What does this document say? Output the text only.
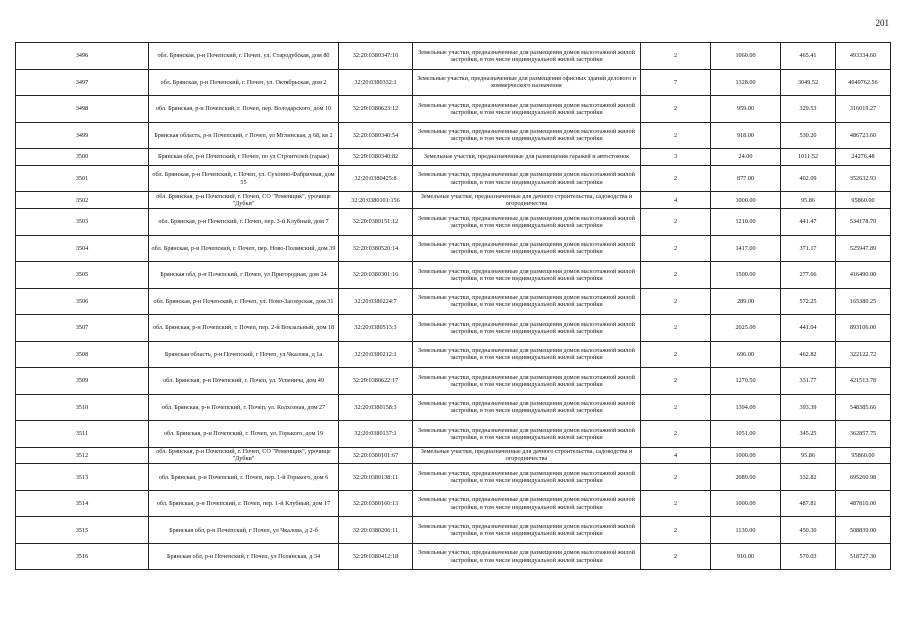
201
3496	обл. Брянская, р-н Почепский, г. Почеп, ул. Стародубская, дом 80	32:20:0380347:10	Земельные участки, предназначенные для размещения домов малоэтажной жилой застройки, в том числе индивидуальной жилой застройки	2	1060.00	465.41	493334.60
3497	обл. Брянская, р-н Почепский, г. Почеп, ул. Октябрьская, дом 2	32:20:0380332:1	Земельные участки, предназначенные для размещения офисных зданий делового и коммерческого назначения	7	1328.00	3049.52	4049762.56
3498	обл. Брянская, р-н Почепский, г. Почеп, пер. Володарского, дом 10	32:20:0380623:12	Земельные участки, предназначенные для размещения домов малоэтажной жилой застройки, в том числе индивидуальной жилой застройки	2	959.00	329.53	316019.27
3499	Брянская область, р-н Почепский, г Почеп, ул Мглинская, д 68, кв 2	32:20:0380340:54	Земельные участки, предназначенные для размещения домов малоэтажной жилой застройки, в том числе индивидуальной жилой застройки	2	918.00	530.20	486723.60
3500	Брянская обл, р-н Почепский, г Почеп, по ул Строителей (гараж)	32:20:0380340:82	Земельные участки, предназначенные для размещения гаражей и автостоянок	3	24.00	1011.52	24276.48
3501	обл. Брянская, р-н Почепский, г. Почеп, ул. Сухонно-Фабричная, дом 55	32:20:0380425:8	Земельные участки, предназначенные для размещения домов малоэтажной жилой застройки, в том числе индивидуальной жилой застройки	2	877.00	402.09	352632.93
3502	обл. Брянская, р-н Почепский, г. Почеп, СО "Ременщик", урочище "Дубки"	32:20:0380101:156	Земельные участки, предназначенные для дачного строительства, садоводства и огородничества	4	1000.00	95.86	95860.00
3503	обл. Брянская, р-н Почепский, г. Почеп, пер. 3-й Клубный, дом 7	32:20:0380151:12	Земельные участки, предназначенные для размещения домов малоэтажной жилой застройки, в том числе индивидуальной жилой застройки	2	1210.00	441.47	534178.70
3504	обл. Брянская, р-н Почепский, г. Почеп, пер. Ново-Полянский, дом 39	32:20:0380520:14	Земельные участки, предназначенные для размещения домов малоэтажной жилой застройки, в том числе индивидуальной жилой застройки	2	1417.00	371.17	525947.89
3505	Брянская обл, р-н Почепский, г Почеп, ул Пригородная, дом 24	32:20:0380301:16	Земельные участки, предназначенные для размещения домов малоэтажной жилой застройки, в том числе индивидуальной жилой застройки	2	1500.00	277.66	416490.00
3506	обл. Брянская, р-н Почепский, г. Почеп, ул. Ново-Заозерская, дом 31	32:20:0380224:7	Земельные участки, предназначенные для размещения домов малоэтажной жилой застройки, в том числе индивидуальной жилой застройки	2	289.00	572.25	165380.25
3507	обл. Брянская, р-н Почепский, г. Почеп, пер. 2-й Вокзальный, дом 18	32:20:0380513:3	Земельные участки, предназначенные для размещения домов малоэтажной жилой застройки, в том числе индивидуальной жилой застройки	2	2025.00	441.04	893106.00
3508	Брянская область, р-н Почепский, г Почеп, ул Чкалова, д 1а	32:20:0380212:1	Земельные участки, предназначенные для размещения домов малоэтажной жилой застройки, в том числе индивидуальной жилой застройки	2	696.00	462.82	322122.72
3509	обл. Брянская, р-н Почепский, г. Почеп, ул. Успенича, дом 49	32:20:0380622:17	Земельные участки, предназначенные для размещения домов малоэтажной жилой застройки, в том числе индивидуальной жилой застройки	2	1270.50	331.77	421513.78
3510	обл. Брянская, р-н Почепский, г. Почеп, ул. Колхозная, дом 27	32:20:0380158:3	Земельные участки, предназначенные для размещения домов малоэтажной жилой застройки, в том числе индивидуальной жилой застройки	2	1394.00	393.39	548385.66
3511	обл. Брянская, р-н Почепский, г. Почеп, ул. Горького, дом 19	32:20:0380137:1	Земельные участки, предназначенные для размещения домов малоэтажной жилой застройки, в том числе индивидуальной жилой застройки	2	1051.00	345.25	362857.75
3512	обл. Брянская, р-н Почепский, г. Почеп, СО "Ременщик", урочище "Дубки"	32:20:0380101:67	Земельные участки, предназначенные для дачного строительства, садоводства и огородничества	4	1000.00	95.86	95860.00
3513	обл. Брянская, р-н Почепский, г. Почеп, пер. 1-й Горького, дом 6	32:20:0380138:11	Земельные участки, предназначенные для размещения домов малоэтажной жилой застройки, в том числе индивидуальной жилой застройки	2	2089.00	332.82	695260.98
3514	обл. Брянская, р-н Почепский, г. Почеп, пер. 1-й Клубный, дом 17	32:20:0380160:13	Земельные участки, предназначенные для размещения домов малоэтажной жилой застройки, в том числе индивидуальной жилой застройки	2	1000.00	487.81	487810.00
3515	Брянская обл, р-н Почепский, г Почеп, ул Чкалова, д 2-б	32:20:0380206:11	Земельные участки, предназначенные для размещения домов малоэтажной жилой застройки, в том числе индивидуальной жилой застройки	2	1130.00	450.30	508839.00
3516	Брянская обл, р-н Почепский, г Почеп, ул Полянская, д 34	32:20:0380412:18	Земельные участки, предназначенные для размещения домов малоэтажной жилой застройки, в том числе индивидуальной жилой застройки	2	910.00	570.03	518727.30
